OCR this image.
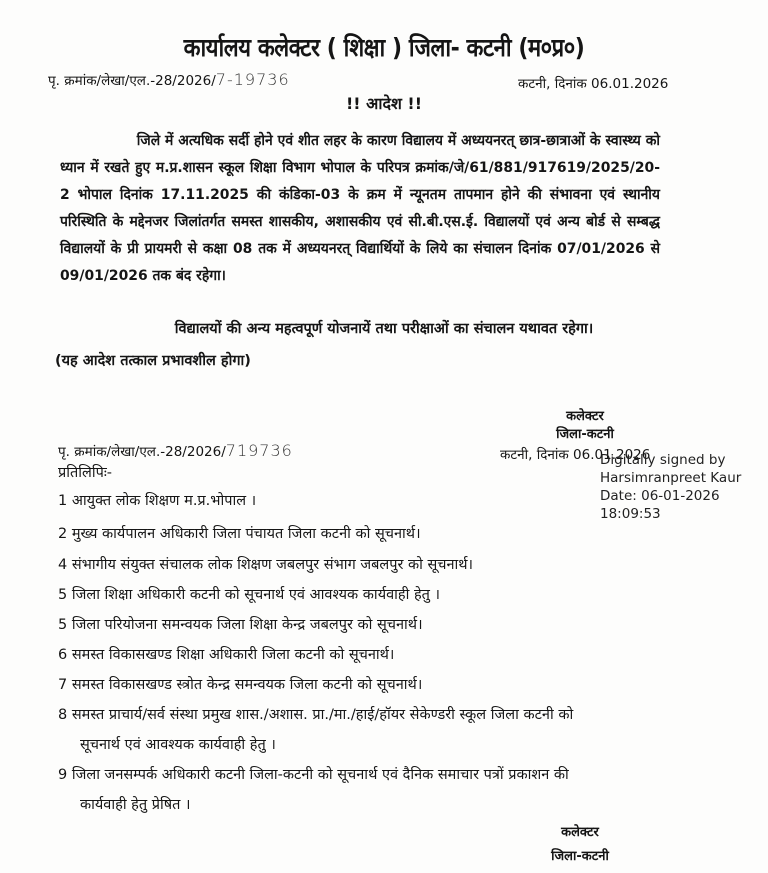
कार्यालय कलेक्टर ( शिक्षा ) जिला- कटनी (म०प्र०)
पृ. क्रमांक/लेखा/एल.-28/2026/7-19736	कटनी, दिनांक 06.01.2026
!! आदेश !!

जिले में अत्यधिक सर्दी होने एवं शीत लहर के कारण विद्यालय में अध्ययनरत् छात्र-छात्राओं के स्वास्थ्य को ध्यान में रखते हुए म.प्र.शासन स्कूल शिक्षा विभाग भोपाल के परिपत्र क्रमांक/जे/61/881/917619/2025/20-2 भोपाल दिनांक 17.11.2025 की कंडिका-03 के क्रम में न्यूनतम तापमान होने की संभावना एवं स्थानीय परिस्थिति के मद्देनजर जिलांतर्गत समस्त शासकीय, अशासकीय एवं सी.बी.एस.ई. विद्यालयों एवं अन्य बोर्ड से सम्बद्ध विद्यालयों के प्री प्रायमरी से कक्षा 08 तक में अध्ययनरत् विद्यार्थियों के लिये का संचालन दिनांक 07/01/2026 से 09/01/2026 तक बंद रहेगा।

विद्यालयों की अन्य महत्वपूर्ण योजनायें तथा परीक्षाओं का संचालन यथावत रहेगा।
(यह आदेश तत्काल प्रभावशील होगा)
कलेक्टर
जिला-कटनी
पृ. क्रमांक/लेखा/एल.-28/2026/719736	कटनी, दिनांक 06.01.2026
Digitally signed by
Harsimranpreet Kaur
Date: 06-01-2026
18:09:53
प्रतिलिपिः-
1 आयुक्त लोक शिक्षण म.प्र.भोपाल ।
2 मुख्य कार्यपालन अधिकारी जिला पंचायत जिला कटनी को सूचनार्थ।
4 संभागीय संयुक्त संचालक लोक शिक्षण जबलपुर संभाग जबलपुर को सूचनार्थ।
5 जिला शिक्षा अधिकारी कटनी को सूचनार्थ एवं आवश्यक कार्यवाही हेतु ।
5 जिला परियोजना समन्वयक जिला शिक्षा केन्द्र जबलपुर को सूचनार्थ।
6 समस्त विकासखण्ड शिक्षा अधिकारी जिला कटनी को सूचनार्थ।
7 समस्त विकासखण्ड स्त्रोत केन्द्र समन्वयक जिला कटनी को सूचनार्थ।
8 समस्त प्राचार्य/सर्व संस्था प्रमुख शास./अशास. प्रा./मा./हाई/हॉयर सेकेण्डरी स्कूल जिला कटनी को
सूचनार्थ एवं आवश्यक कार्यवाही हेतु ।
9 जिला जनसम्पर्क अधिकारी कटनी जिला-कटनी को सूचनार्थ एवं दैनिक समाचार पत्रों प्रकाशन की
कार्यवाही हेतु प्रेषित ।
कलेक्टर
जिला-कटनी
